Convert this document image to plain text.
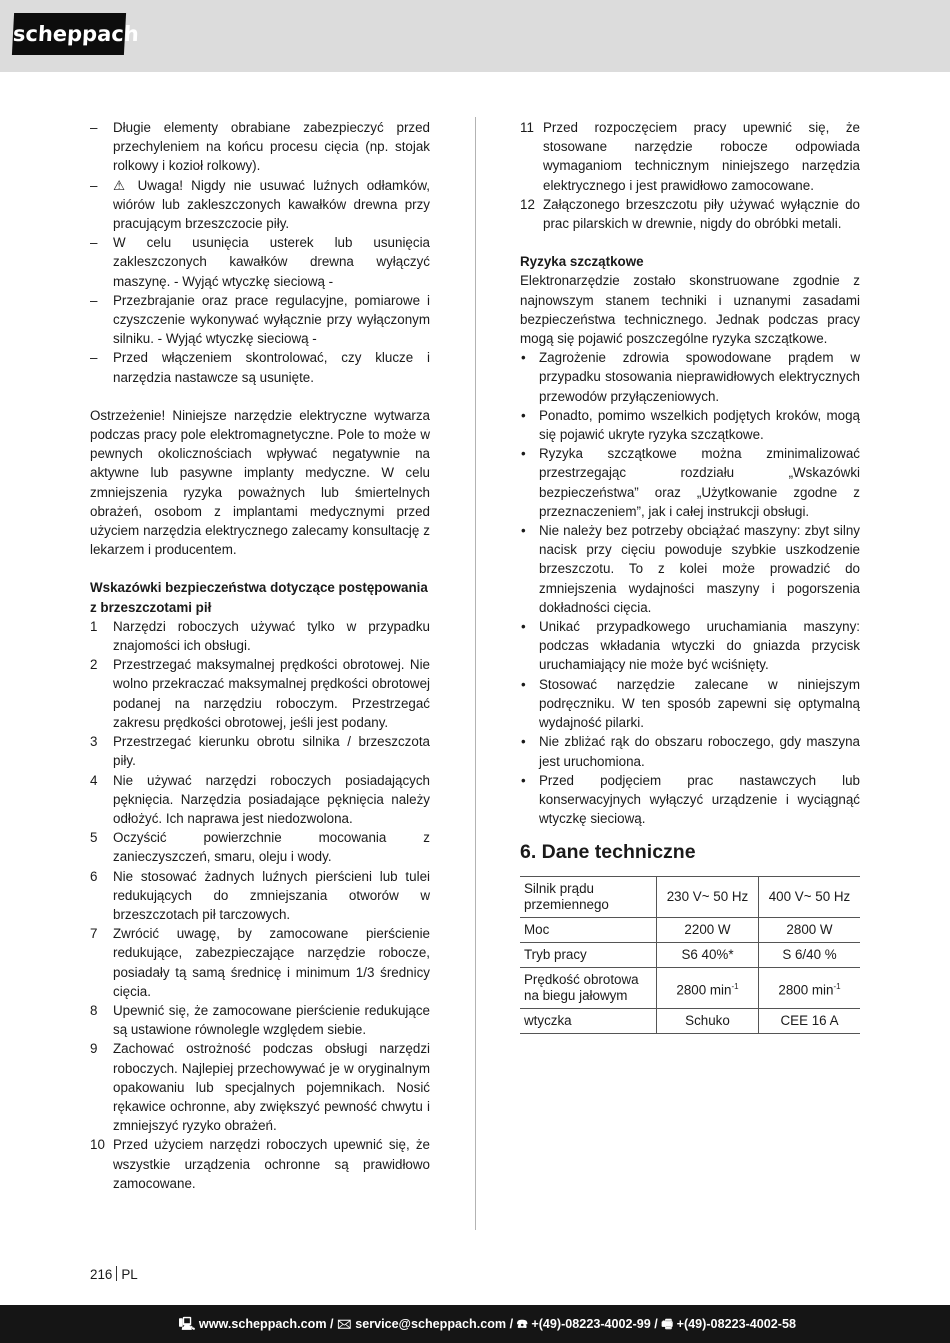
scheppach
–	Długie elementy obrabiane zabezpieczyć przed przechyleniem na końcu procesu cięcia (np. stojak rolkowy i kozioł rolkowy).
–	⚠ Uwaga! Nigdy nie usuwać luźnych odłamków, wiórów lub zakleszczonych kawałków drewna przy pracującym brzeszczocie piły.
–	W celu usunięcia usterek lub usunięcia zakleszczonych kawałków drewna wyłączyć maszynę. - Wyjąć wtyczkę sieciową -
–	Przezbrajanie oraz prace regulacyjne, pomiarowe i czyszczenie wykonywać wyłącznie przy wyłączonym silniku. - Wyjąć wtyczkę sieciową -
–	Przed włączeniem skontrolować, czy klucze i narzędzia nastawcze są usunięte.

Ostrzeżenie! Niniejsze narzędzie elektryczne wytwarza podczas pracy pole elektromagnetyczne. Pole to może w pewnych okolicznościach wpływać negatywnie na aktywne lub pasywne implanty medyczne. W celu zmniejszenia ryzyka poważnych lub śmiertelnych obrażeń, osobom z implantami medycznymi przed użyciem narzędzia elektrycznego zalecamy konsultację z lekarzem i producentem.

Wskazówki bezpieczeństwa dotyczące postępowania z brzeszczotami pił

1	Narzędzi roboczych używać tylko w przypadku znajomości ich obsługi.
2	Przestrzegać maksymalnej prędkości obrotowej. Nie wolno przekraczać maksymalnej prędkości obrotowej podanej na narzędziu roboczym. Przestrzegać zakresu prędkości obrotowej, jeśli jest podany.
3	Przestrzegać kierunku obrotu silnika / brzeszczota piły.
4	Nie używać narzędzi roboczych posiadających pęknięcia. Narzędzia posiadające pęknięcia należy odłożyć. Ich naprawa jest niedozwolona.
5	Oczyścić powierzchnie mocowania z zanieczyszczeń, smaru, oleju i wody.
6	Nie stosować żadnych luźnych pierścieni lub tulei redukujących do zmniejszania otworów w brzeszczotach pił tarczowych.
7	Zwrócić uwagę, by zamocowane pierścienie redukujące, zabezpieczające narzędzie robocze, posiadały tą samą średnicę i minimum 1/3 średnicy cięcia.
8	Upewnić się, że zamocowane pierścienie redukujące są ustawione równolegle względem siebie.
9	Zachować ostrożność podczas obsługi narzędzi roboczych. Najlepiej przechowywać je w oryginalnym opakowaniu lub specjalnych pojemnikach. Nosić rękawice ochronne, aby zwiększyć pewność chwytu i zmniejszyć ryzyko obrażeń.
10 Przed użyciem narzędzi roboczych upewnić się, że wszystkie urządzenia ochronne są prawidłowo zamocowane.
11 Przed rozpoczęciem pracy upewnić się, że stosowane narzędzie robocze odpowiada wymaganiom technicznym niniejszego narzędzia elektrycznego i jest prawidłowo zamocowane.
12 Załączonego brzeszczotu piły używać wyłącznie do prac pilarskich w drewnie, nigdy do obróbki metali.

Ryzyka szczątkowe

Elektronarzędzie zostało skonstruowane zgodnie z najnowszym stanem techniki i uznanymi zasadami bezpieczeństwa technicznego. Jednak podczas pracy mogą się pojawić poszczególne ryzyka szczątkowe.

• Zagrożenie zdrowia spowodowane prądem w przypadku stosowania nieprawidłowych elektrycznych przewodów przyłączeniowych.
• Ponadto, pomimo wszelkich podjętych kroków, mogą się pojawić ukryte ryzyka szczątkowe.
• Ryzyka szczątkowe można zminimalizować przestrzegając rozdziału „Wskazówki bezpieczeństwa” oraz „Użytkowanie zgodne z przeznaczeniem”, jak i całej instrukcji obsługi.
• Nie należy bez potrzeby obciążać maszyny: zbyt silny nacisk przy cięciu powoduje szybkie uszkodzenie brzeszczotu. To z kolei może prowadzić do zmniejszenia wydajności maszyny i pogorszenia dokładności cięcia.
• Unikać przypadkowego uruchamiania maszyny: podczas wkładania wtyczki do gniazda przycisk uruchamiający nie może być wciśnięty.
• Stosować narzędzie zalecane w niniejszym podręczniku. W ten sposób zapewni się optymalną wydajność pilarki.
• Nie zbliżać rąk do obszaru roboczego, gdy maszyna jest uruchomiona.
• Przed podjęciem prac nastawczych lub konserwacyjnych wyłączyć urządzenie i wyciągnąć wtyczkę sieciową.
6. Dane techniczne
Silnik prądu przemiennego	230 V~ 50 Hz	400 V~ 50 Hz
Moc	2200 W	2800 W
Tryb pracy	S6 40%*	S 6/40 %
Prędkość obrotowa na biegu jałowym	2800 $\min^{-1}$	2800 $\min^{-1}$
wtyczka	Schuko	CEE 16 A
216 PL
🖳 www.scheppach.com / 🖂 service@scheppach.com / ☎ +(49)-08223-4002-99 / 🖷 +(49)-08223-4002-58
